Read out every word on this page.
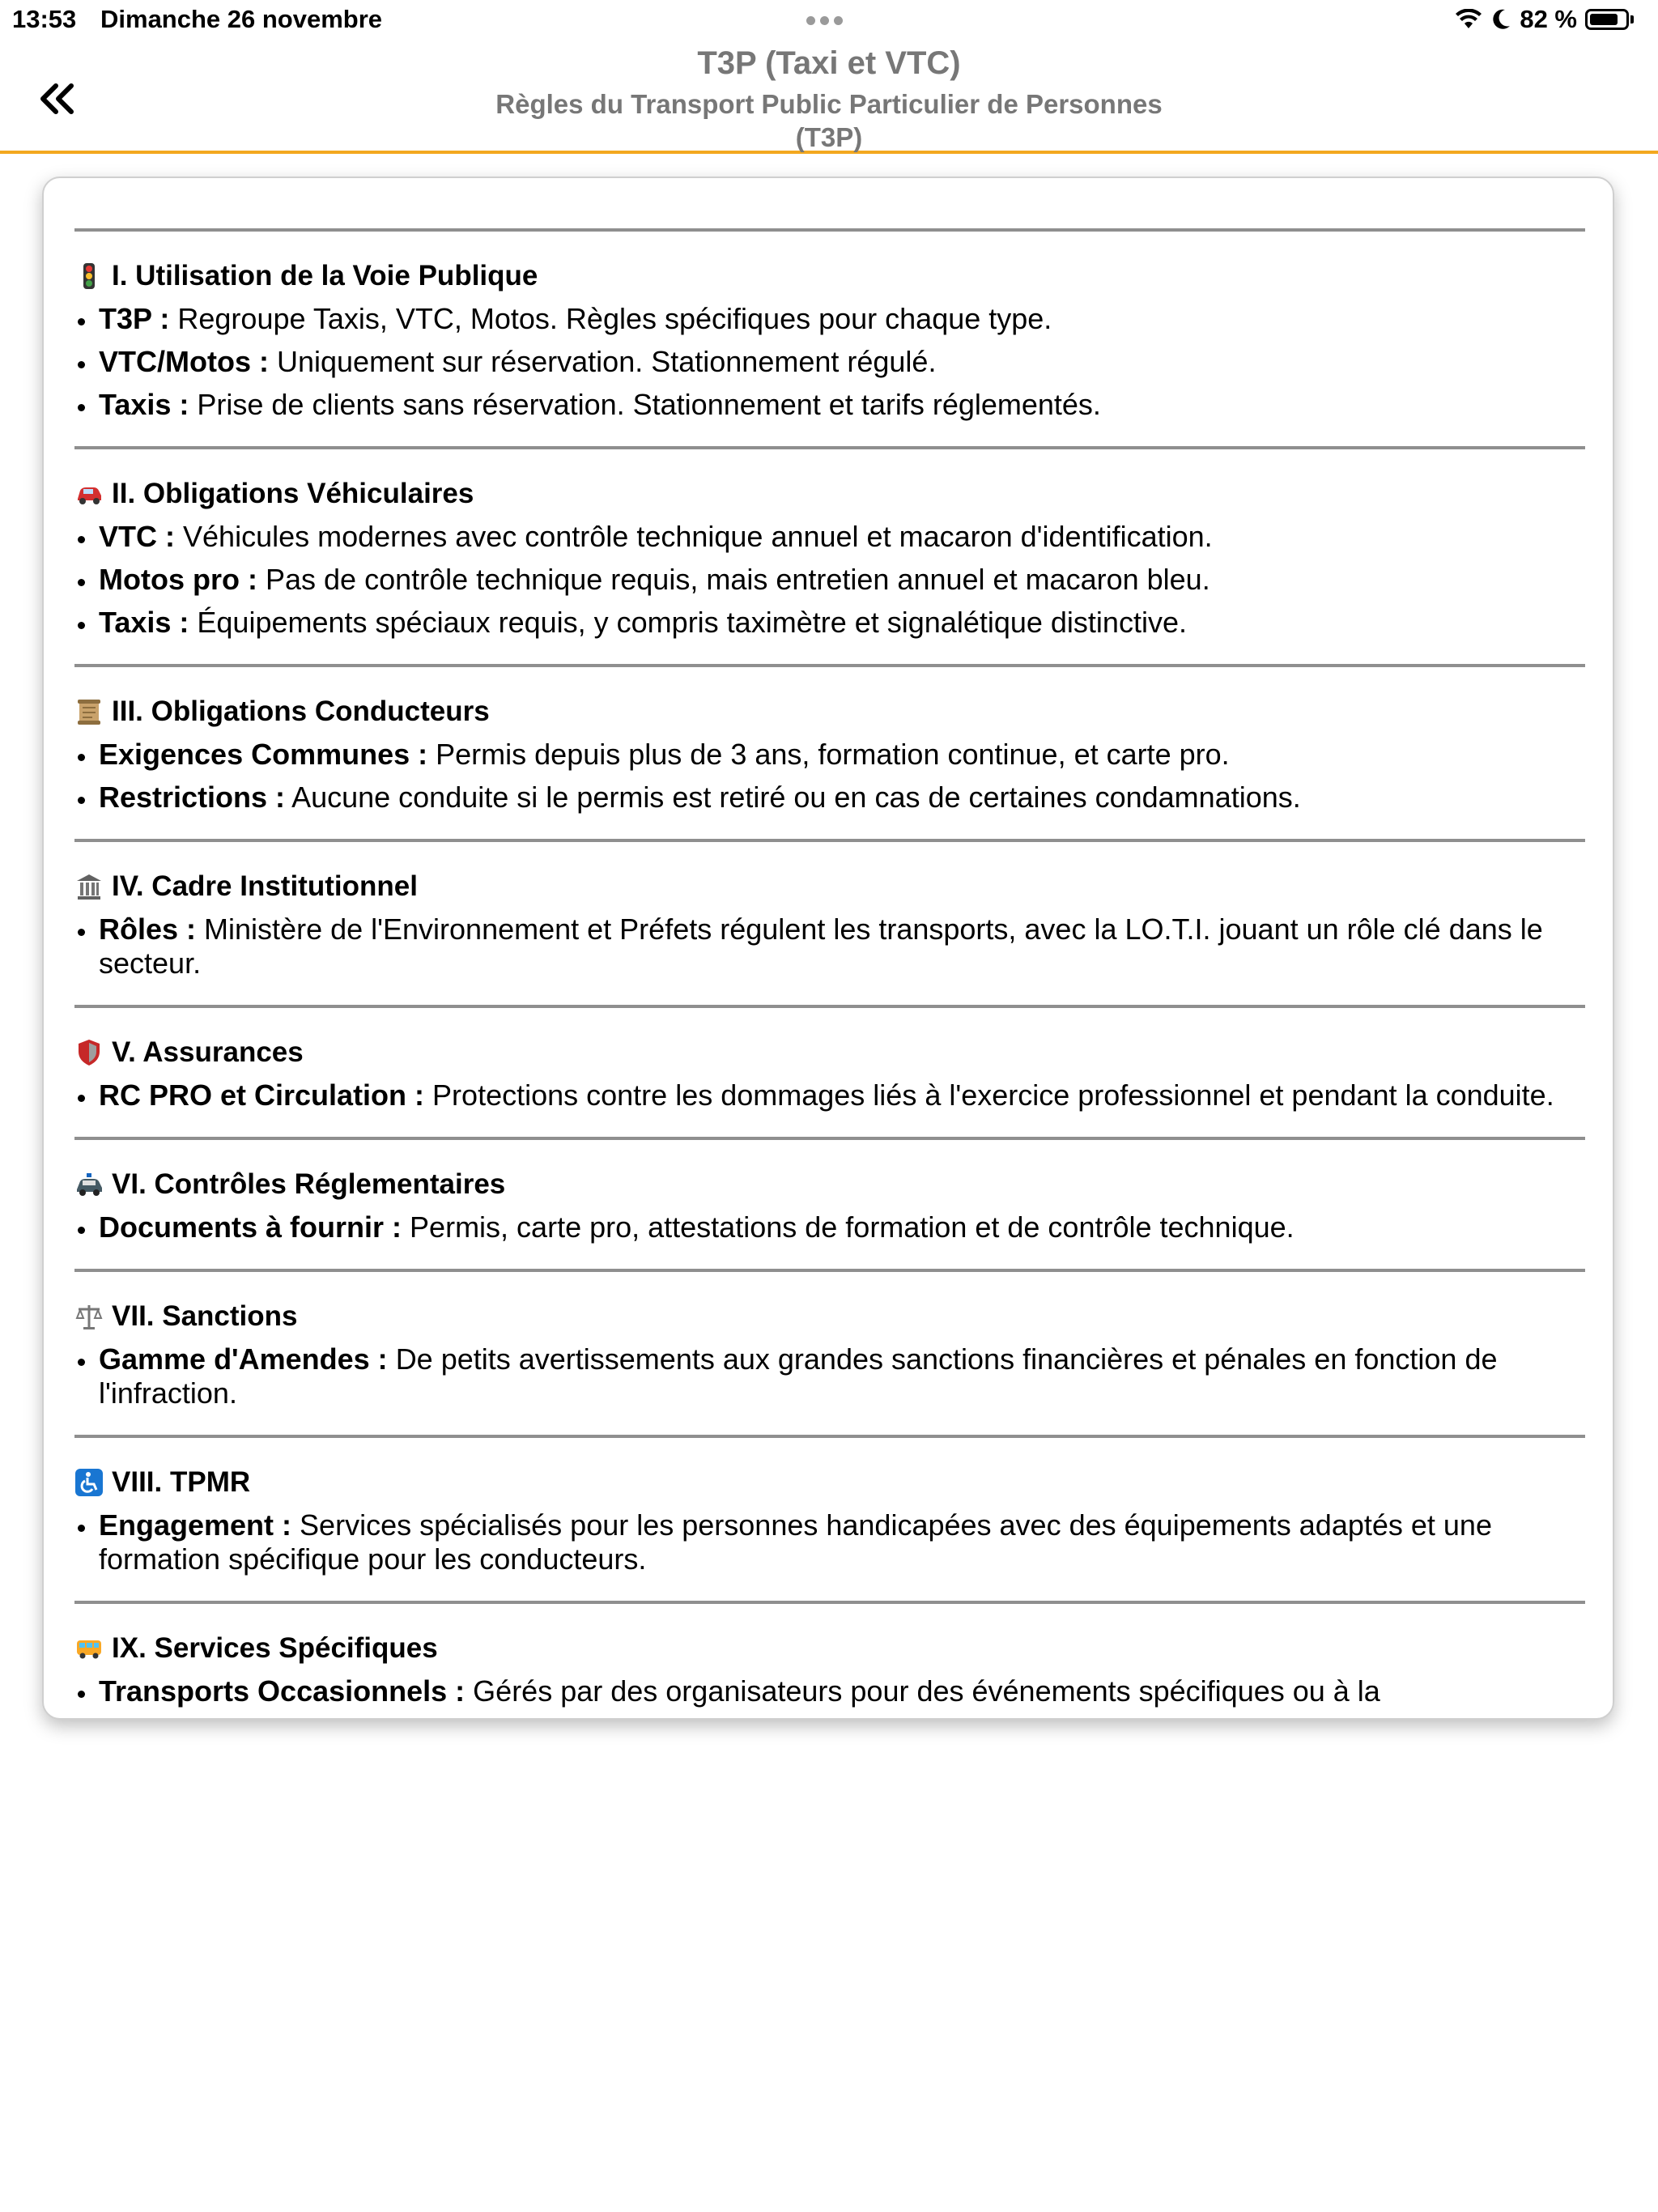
13:53 Dimanche 26 novembre	82 %
T3P (Taxi et VTC)
Règles du Transport Public Particulier de Personnes (T3P)
I. Utilisation de la Voie Publique
T3P : Regroupe Taxis, VTC, Motos. Règles spécifiques pour chaque type.
VTC/Motos : Uniquement sur réservation. Stationnement régulé.
Taxis : Prise de clients sans réservation. Stationnement et tarifs réglementés.
II. Obligations Véhiculaires
VTC : Véhicules modernes avec contrôle technique annuel et macaron d'identification.
Motos pro : Pas de contrôle technique requis, mais entretien annuel et macaron bleu.
Taxis : Équipements spéciaux requis, y compris taximètre et signalétique distinctive.
III. Obligations Conducteurs
Exigences Communes : Permis depuis plus de 3 ans, formation continue, et carte pro.
Restrictions : Aucune conduite si le permis est retiré ou en cas de certaines condamnations.
IV. Cadre Institutionnel
Rôles : Ministère de l'Environnement et Préfets régulent les transports, avec la LO.T.I. jouant un rôle clé dans le secteur.
V. Assurances
RC PRO et Circulation : Protections contre les dommages liés à l'exercice professionnel et pendant la conduite.
VI. Contrôles Réglementaires
Documents à fournir : Permis, carte pro, attestations de formation et de contrôle technique.
VII. Sanctions
Gamme d'Amendes : De petits avertissements aux grandes sanctions financières et pénales en fonction de l'infraction.
VIII. TPMR
Engagement : Services spécialisés pour les personnes handicapées avec des équipements adaptés et une formation spécifique pour les conducteurs.
IX. Services Spécifiques
Transports Occasionnels : Gérés par des organisateurs pour des événements spécifiques ou à la
